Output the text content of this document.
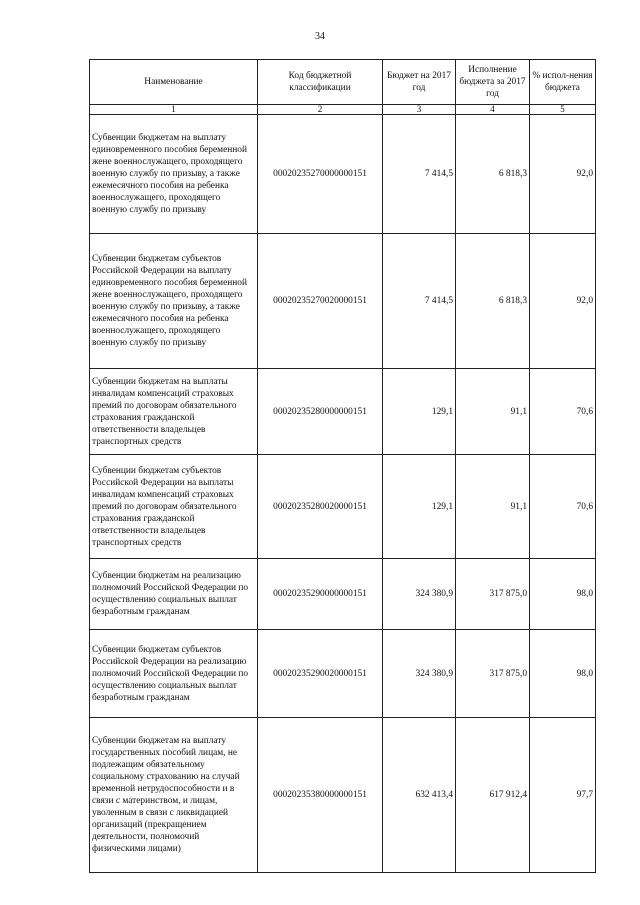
34
Наименование	Код бюджетной классификации	Бюджет на 2017 год	Исполнение бюджета за 2017 год	% испол-нения бюджета
1	2	3	4	5
Субвенции бюджетам на выплату единовременного пособия беременной жене военнослужащего, проходящего военную службу по призыву, а также ежемесячного пособия на ребенка военнослужащего, проходящего военную службу по призыву	00020235270000000151	7 414,5	6 818,3	92,0
Субвенции бюджетам субъектов Российской Федерации на выплату единовременного пособия беременной жене военнослужащего, проходящего военную службу по призыву, а также ежемесячного пособия на ребенка военнослужащего, проходящего военную службу по призыву	00020235270020000151	7 414,5	6 818,3	92,0
Субвенции бюджетам на выплаты инвалидам компенсаций страховых премий по договорам обязательного страхования гражданской ответственности владельцев транспортных средств	00020235280000000151	129,1	91,1	70,6
Субвенции бюджетам субъектов Российской Федерации на выплаты инвалидам компенсаций страховых премий по договорам обязательного страхования гражданской ответственности владельцев транспортных средств	00020235280020000151	129,1	91,1	70,6
Субвенции бюджетам на реализацию полномочий Российской Федерации по осуществлению социальных выплат безработным гражданам	00020235290000000151	324 380,9	317 875,0	98,0
Субвенции бюджетам субъектов Российской Федерации на реализацию полномочий Российской Федерации по осуществлению социальных выплат безработным гражданам	00020235290020000151	324 380,9	317 875,0	98,0
Субвенции бюджетам на выплату государственных пособий лицам, не подлежащим обязательному социальному страхованию на случай временной нетрудоспособности и в связи с материнством, и лицам, уволенным в связи с ликвидацией организаций (прекращением деятельности, полномочий физическими лицами)	00020235380000000151	632 413,4	617 912,4	97,7
